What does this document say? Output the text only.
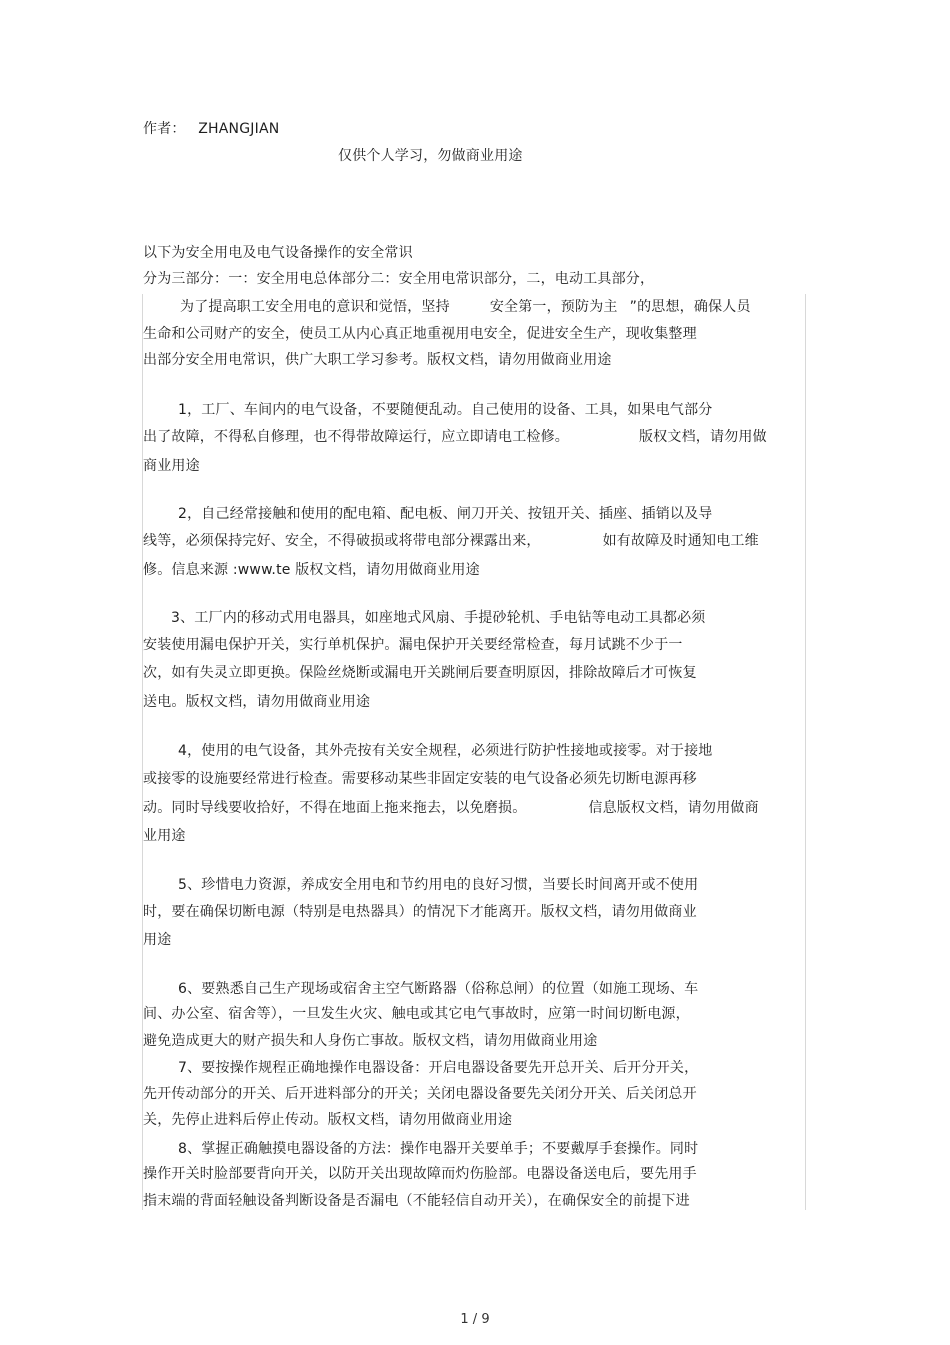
作者： ZHANGJIAN
仅供个人学习，勿做商业用途
以下为安全用电及电气设备操作的安全常识
分为三部分：一：安全用电总体部分二：安全用电常识部分，二，电动工具部分，
为了提高职工安全用电的意识和觉悟，坚持	安全第一，预防为主 ”的思想，确保人员
生命和公司财产的安全，使员工从内心真正地重视用电安全，促进安全生产，现收集整理
出部分安全用电常识，供广大职工学习参考。版权文档，请勿用做商业用途
1，工厂、车间内的电气设备，不要随便乱动。自己使用的设备、工具，如果电气部分
出了故障，不得私自修理，也不得带故障运行，应立即请电工检修。	版权文档，请勿用做
商业用途
2，自己经常接触和使用的配电箱、配电板、闸刀开关、按钮开关、插座、插销以及导
线等，必须保持完好、安全，不得破损或将带电部分裸露出来，	如有故障及时通知电工维
修。信息来源 :www.te 版权文档，请勿用做商业用途
3、工厂内的移动式用电器具，如座地式风扇、手提砂轮机、手电钻等电动工具都必须
安装使用漏电保护开关，实行单机保护。漏电保护开关要经常检查，每月试跳不少于一
次，如有失灵立即更换。保险丝烧断或漏电开关跳闸后要查明原因，排除故障后才可恢复
送电。版权文档，请勿用做商业用途
4，使用的电气设备，其外壳按有关安全规程，必须进行防护性接地或接零。对于接地
或接零的设施要经常进行检查。需要移动某些非固定安装的电气设备必须先切断电源再移
动。同时导线要收拾好，不得在地面上拖来拖去，以免磨损。	信息版权文档，请勿用做商
业用途
5、珍惜电力资源，养成安全用电和节约用电的良好习惯，当要长时间离开或不使用
时，要在确保切断电源（特别是电热器具）的情况下才能离开。版权文档，请勿用做商业
用途
6、要熟悉自己生产现场或宿舍主空气断路器（俗称总闸）的位置（如施工现场、车
间、办公室、宿舍等），一旦发生火灾、触电或其它电气事故时，应第一时间切断电源，
避免造成更大的财产损失和人身伤亡事故。版权文档，请勿用做商业用途
7、要按操作规程正确地操作电器设备：开启电器设备要先开总开关、后开分开关，
先开传动部分的开关、后开进料部分的开关；关闭电器设备要先关闭分开关、后关闭总开
关，先停止进料后停止传动。版权文档，请勿用做商业用途
8、掌握正确触摸电器设备的方法：操作电器开关要单手；不要戴厚手套操作。同时
操作开关时脸部要背向开关，以防开关出现故障而灼伤脸部。电器设备送电后，要先用手
指末端的背面轻触设备判断设备是否漏电（不能轻信自动开关），在确保安全的前提下进
1 / 9
